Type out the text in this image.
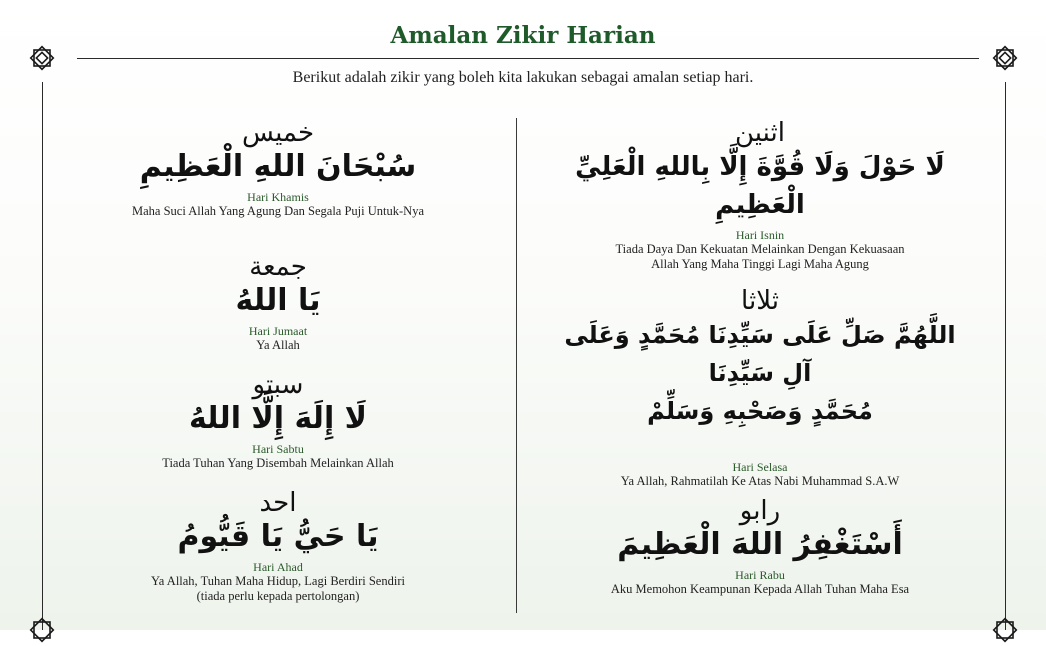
Amalan Zikir Harian
Berikut adalah zikir yang boleh kita lakukan sebagai amalan setiap hari.
خميس
سُبْحَانَ اللهِ الْعَظِيمِ
Hari Khamis
Maha Suci Allah Yang Agung Dan Segala Puji Untuk-Nya
جمعة
يَا اللهُ
Hari Jumaat
Ya Allah
سبتو
لَا إِلَهَ إِلَّا اللهُ
Hari Sabtu
Tiada Tuhan Yang Disembah Melainkan Allah
احد
يَا حَيُّ يَا قَيُّومُ
Hari Ahad
Ya Allah, Tuhan Maha Hidup, Lagi Berdiri Sendiri
(tiada perlu kepada pertolongan)
اثنين
لَا حَوْلَ وَلَا قُوَّةَ إِلَّا بِاللهِ الْعَلِيِّ الْعَظِيمِ
Hari Isnin
Tiada Daya Dan Kekuatan Melainkan Dengan Kekuasaan
Allah Yang Maha Tinggi Lagi Maha Agung
ثلاثا
اللَّهُمَّ صَلِّ عَلَى سَيِّدِنَا مُحَمَّدٍ وَعَلَى آلِ سَيِّدِنَا
مُحَمَّدٍ وَصَحْبِهِ وَسَلِّمْ
Hari Selasa
Ya Allah, Rahmatilah Ke Atas Nabi Muhammad S.A.W
رابو
أَسْتَغْفِرُ اللهَ الْعَظِيمَ
Hari Rabu
Aku Memohon Keampunan Kepada Allah Tuhan Maha Esa
